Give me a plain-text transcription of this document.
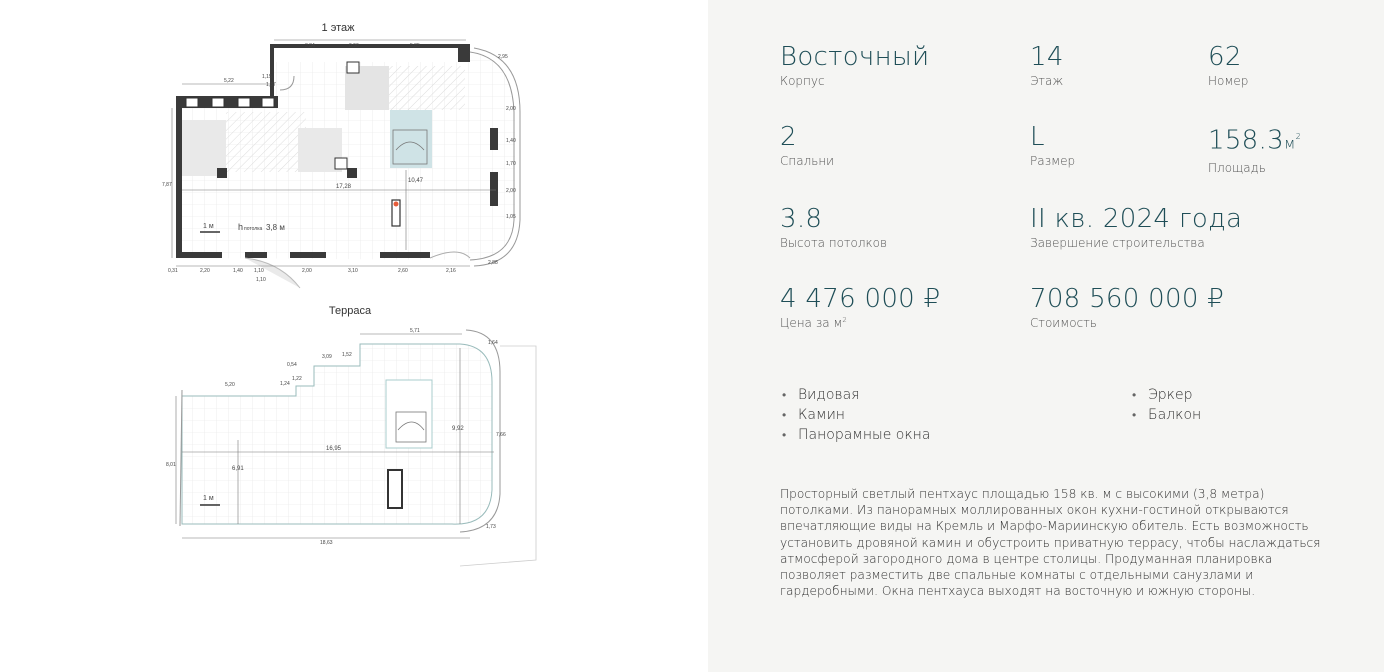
1 этаж
Терраса
3,84	0,96	5,85
5,22
1,15
1,37
2,00
1,40
1,70
2,00
1,05
2,95
2,88
7,87	17,28
10,47
0,31	2,20	1,40 1,10	2,00	3,10	2,60	2,16
1,10
1 м	h потолка 3,8 м
5,71
1,52
3,09
0,54
1,22
5,20	1,24
1,64
8,01
16,95
6,91
9,92
7,66
1,73
18,63
1 м
Восточный
Корпус
14
Этаж
62
Номер
2
Спальни
L
Размер
$158.3м^2$
Площадь
3.8
Высота потолков
II кв. 2024 года
Завершение строительства
4 476 000 ₽
Цена за $м^2$
708 560 000 ₽
Стоимость
• Видовая
• Камин
• Панорамные окна
• Эркер
• Балкон

Просторный светлый пентхаус площадью 158 кв. м с высокими (3,8 метра) потолками. Из панорамных моллированных окон кухни-гостиной открываются впечатляющие виды на Кремль и Марфо-Мариинскую обитель. Есть возможность установить дровяной камин и обустроить приватную террасу, чтобы наслаждаться атмосферой загородного дома в центре столицы. Продуманная планировка позволяет разместить две спальные комнаты с отдельными санузлами и гардеробными. Окна пентхауса выходят на восточную и южную стороны.
